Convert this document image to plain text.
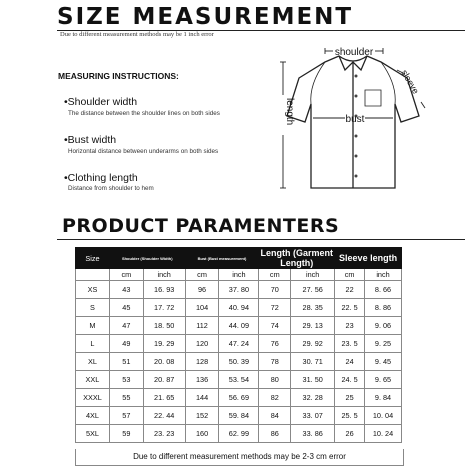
SIZE MEASUREMENT
Due to different measurement methods may be 1 inch error
MEASURING INSTRUCTIONS:
•Shoulder width
The distance between the shoulder lines on both sides
•Bust width
Horizontal distance between underarms on both sides
•Clothing length
Distance from shoulder to hem
shoulder
bust
length
sleeve
PRODUCT PARAMENTERS
Size	Shoulder (Shoulder Width)		Bust (Bust measurement)		Length (Garment Length)		Sleeve length	
	cm	inch	cm	inch	cm	inch	cm	inch
XS	43	16. 93	96	37. 80	70	27. 56	22	8. 66
S	45	17. 72	104	40. 94	72	28. 35	22. 5	8. 86
M	47	18. 50	112	44. 09	74	29. 13	23	9. 06
L	49	19. 29	120	47. 24	76	29. 92	23. 5	9. 25
XL	51	20. 08	128	50. 39	78	30. 71	24	9. 45
XXL	53	20. 87	136	53. 54	80	31. 50	24. 5	9. 65
XXXL	55	21. 65	144	56. 69	82	32. 28	25	9. 84
4XL	57	22. 44	152	59. 84	84	33. 07	25. 5	10. 04
5XL	59	23. 23	160	62. 99	86	33. 86	26	10. 24
Due to different measurement methods may be 2-3 cm error
